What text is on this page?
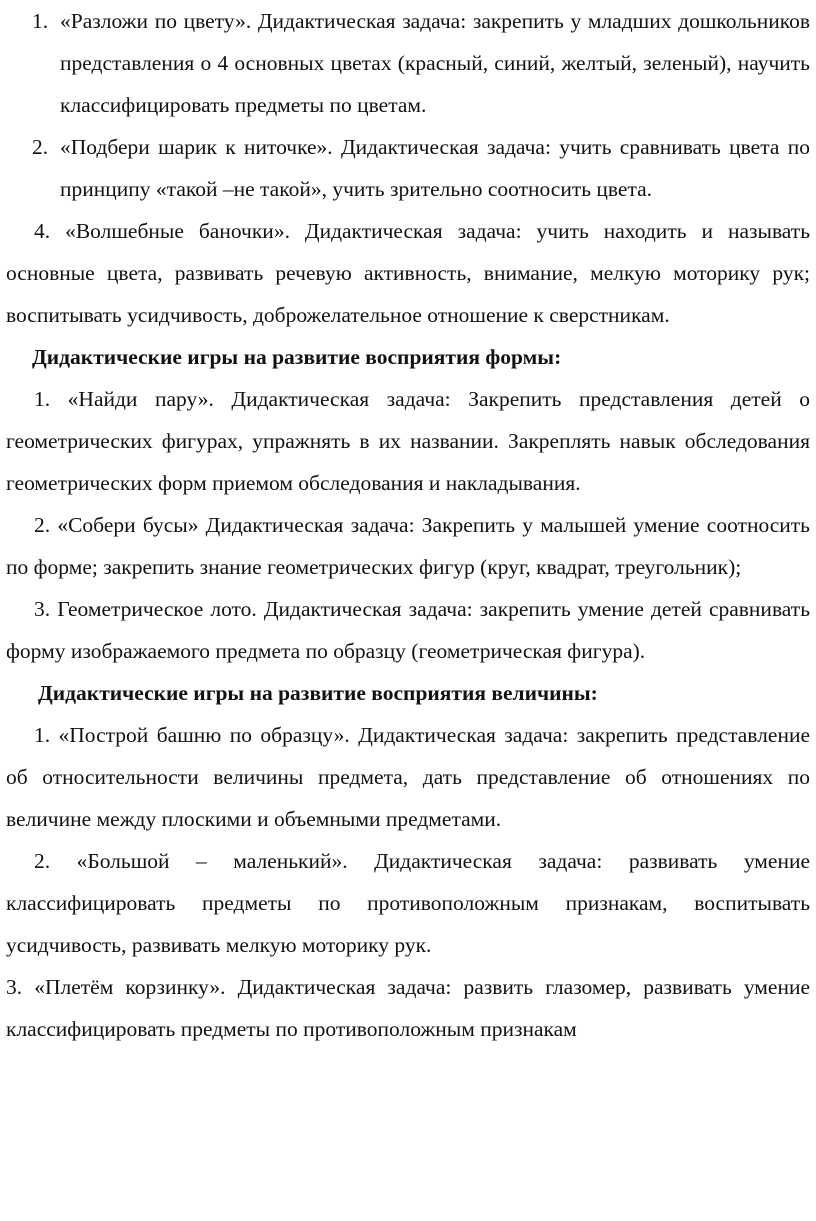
1. «Разложи по цвету». Дидактическая задача: закрепить у младших дошкольников представления о 4 основных цветах (красный, синий, желтый, зеленый), научить классифицировать предметы по цветам.
2. «Подбери шарик к ниточке». Дидактическая задача: учить сравнивать цвета по принципу «такой –не такой», учить зрительно соотносить цвета.

4. «Волшебные баночки». Дидактическая задача: учить находить и называть основные цвета, развивать речевую активность, внимание, мелкую моторику рук; воспитывать усидчивость, доброжелательное отношение к сверстникам.

Дидактические игры на развитие восприятия формы:

1. «Найди пару». Дидактическая задача: Закрепить представления детей о геометрических фигурах, упражнять в их названии. Закреплять навык обследования геометрических форм приемом обследования и накладывания.

2. «Собери бусы» Дидактическая задача: Закрепить у малышей умение соотносить по форме; закрепить знание геометрических фигур (круг, квадрат, треугольник);

3. Геометрическое лото. Дидактическая задача: закрепить умение детей сравнивать форму изображаемого предмета по образцу (геометрическая фигура).

Дидактические игры на развитие восприятия величины:

1. «Построй башню по образцу». Дидактическая задача: закрепить представление об относительности величины предмета, дать представление об отношениях по величине между плоскими и объемными предметами.

2. «Большой – маленький». Дидактическая задача: развивать умение классифицировать предметы по противоположным признакам, воспитывать усидчивость, развивать мелкую моторику рук.

3. «Плетём корзинку». Дидактическая задача: развить глазомер, развивать умение классифицировать предметы по противоположным признакам
